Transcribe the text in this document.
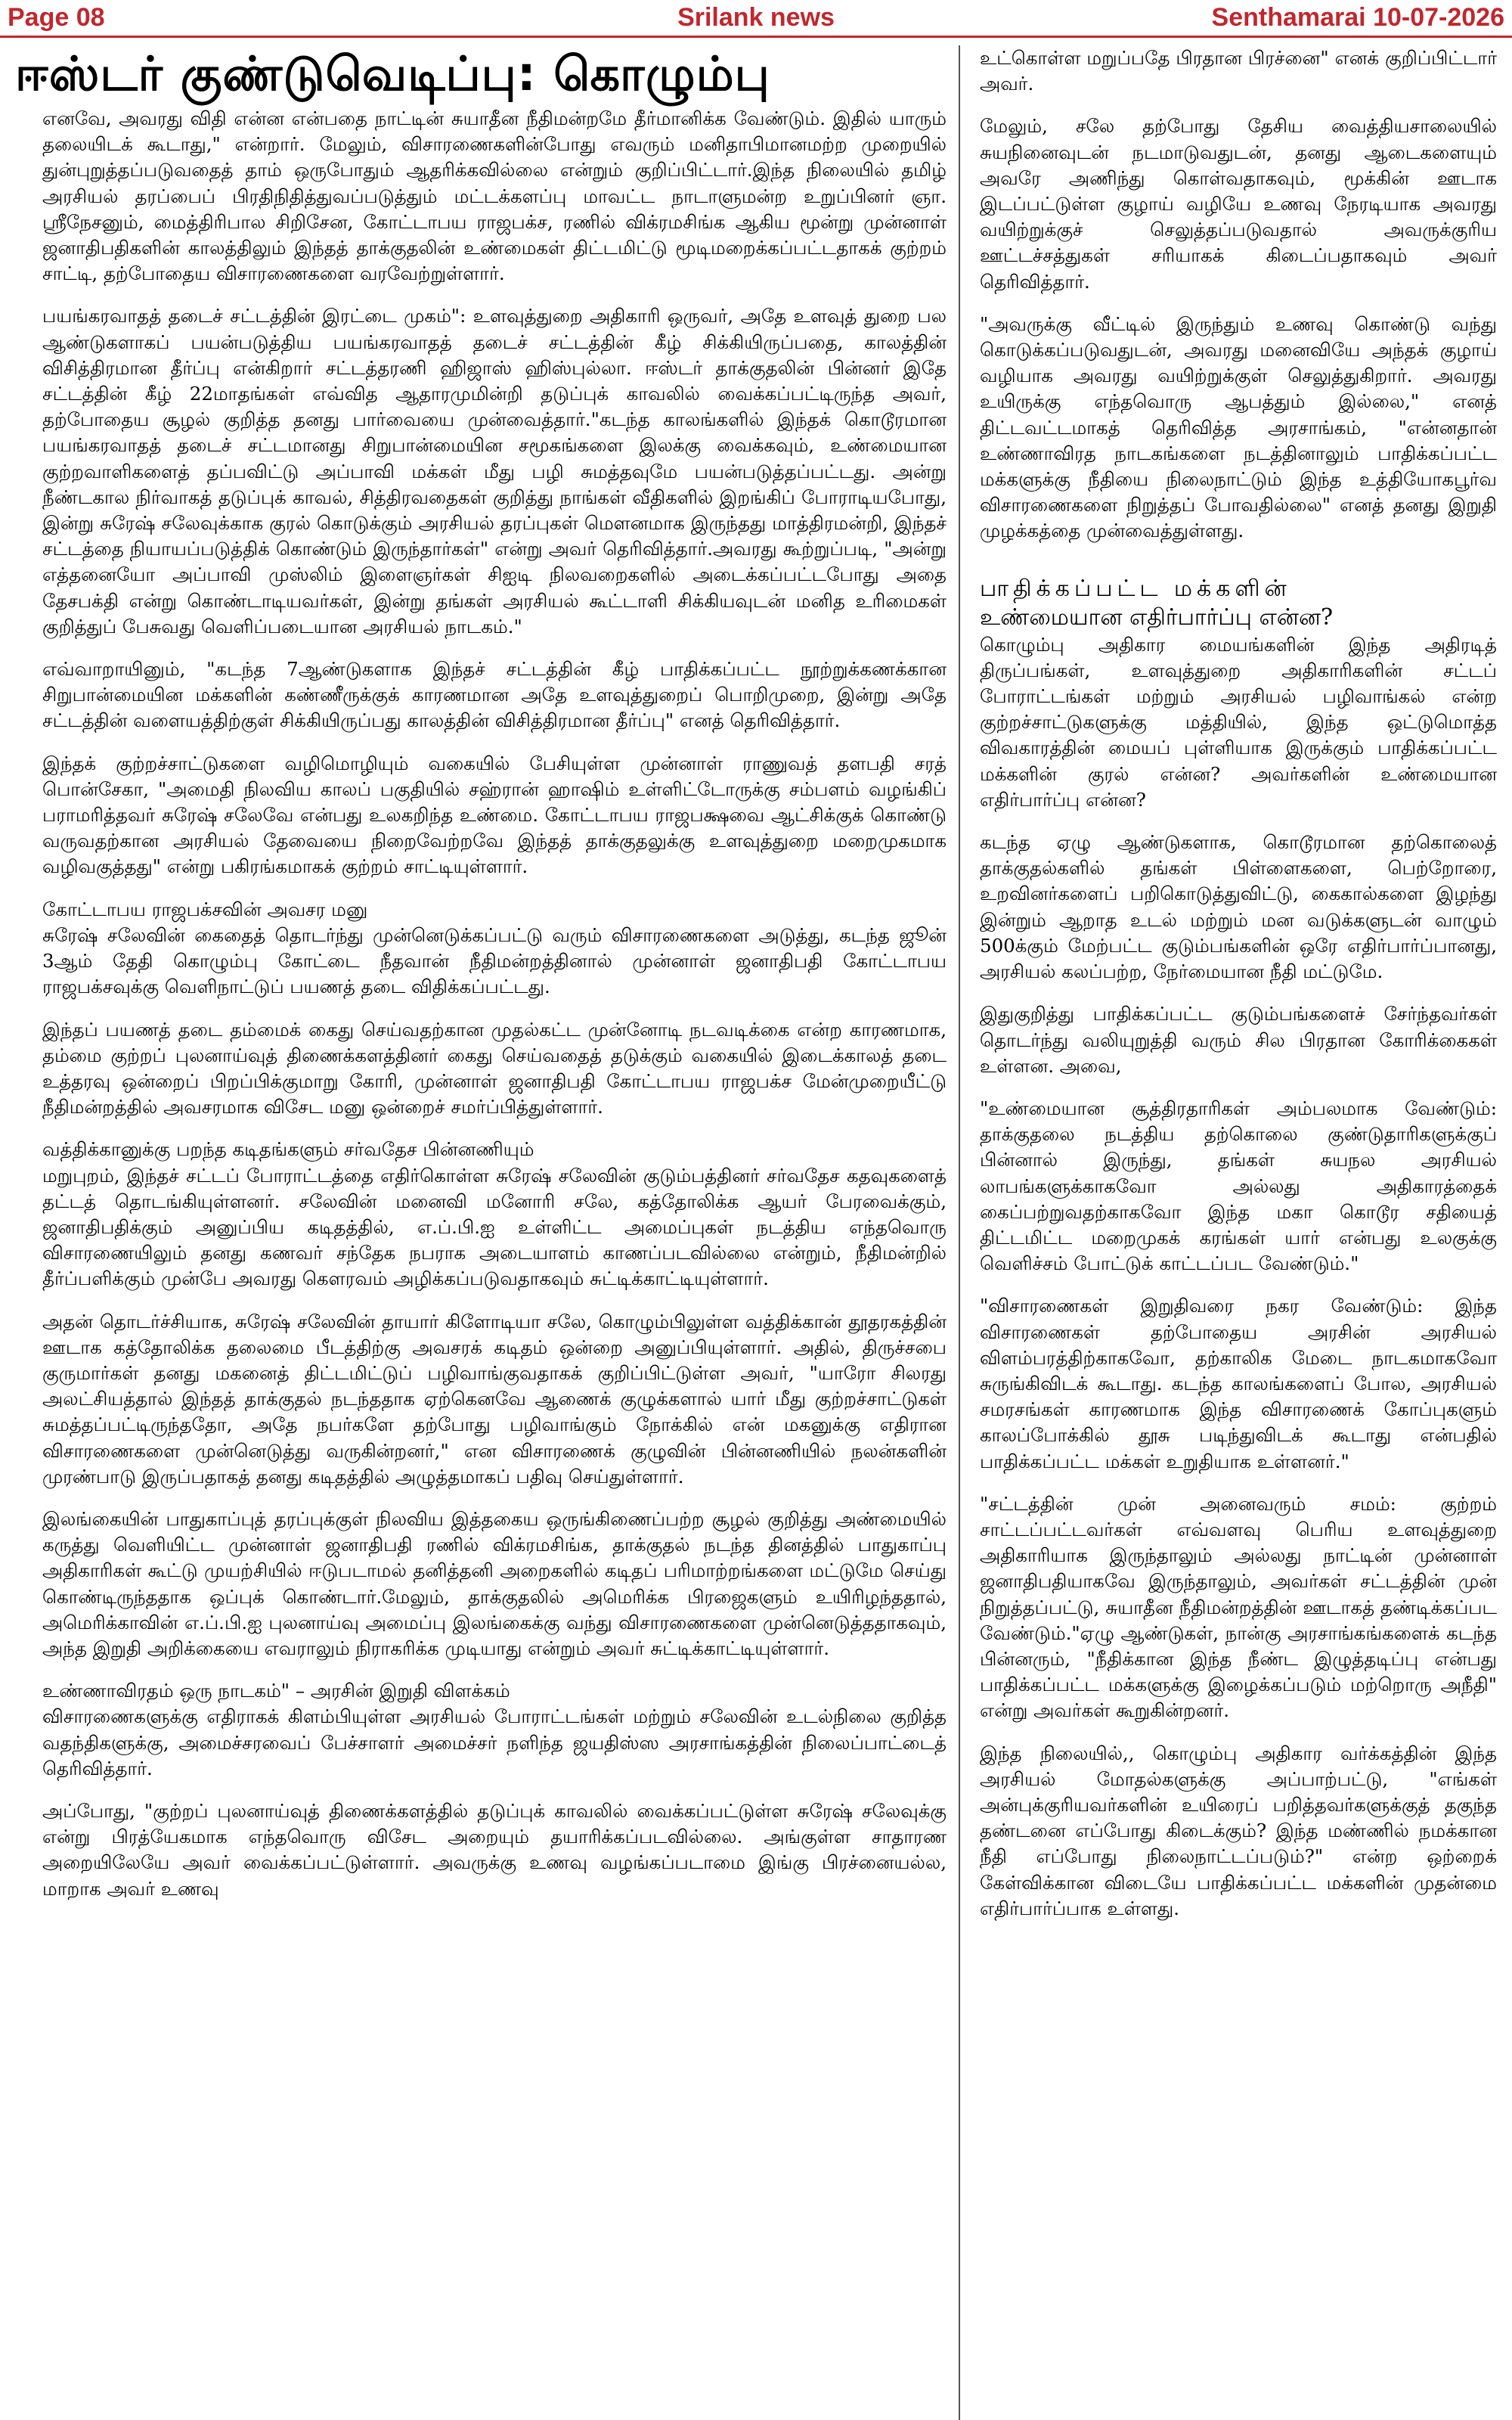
Page 08	Srilank news	Senthamarai 10-07-2026
ஈஸ்டர் குண்டுவெடிப்பு: கொழும்பு

எனவே, அவரது விதி என்ன என்பதை நாட்டின் சுயாதீன நீதிமன்றமே தீர்மானிக்க வேண்டும். இதில் யாரும் தலையிடக் கூடாது," என்றார். மேலும், விசாரணைகளின்போது எவரும் மனிதாபிமானமற்ற முறையில் துன்புறுத்தப்படுவதைத் தாம் ஒருபோதும் ஆதரிக்கவில்லை என்றும் குறிப்பிட்டார்.இந்த நிலையில் தமிழ் அரசியல் தரப்பைப் பிரதிநிதித்துவப்படுத்தும் மட்டக்களப்பு மாவட்ட நாடாளுமன்ற உறுப்பினர் ஞா. ஸ்ரீநேசனும், மைத்திரிபால சிறிசேன, கோட்டாபய ராஜபக்ச, ரணில் விக்ரமசிங்க ஆகிய மூன்று முன்னாள் ஜனாதிபதிகளின் காலத்திலும் இந்தத் தாக்குதலின் உண்மைகள் திட்டமிட்டு மூடிமறைக்கப்பட்டதாகக் குற்றம் சாட்டி, தற்போதைய விசாரணைகளை வரவேற்றுள்ளார்.

பயங்கரவாதத் தடைச் சட்டத்தின் இரட்டை முகம்": உளவுத்துறை அதிகாரி ஒருவர், அதே உளவுத் துறை பல ஆண்டுகளாகப் பயன்படுத்திய பயங்கரவாதத் தடைச் சட்டத்தின் கீழ் சிக்கியிருப்பதை, காலத்தின் விசித்திரமான தீர்ப்பு என்கிறார் சட்டத்தரணி ஹிஜாஸ் ஹிஸ்புல்லா. ஈஸ்டர் தாக்குதலின் பின்னர் இதே சட்டத்தின் கீழ் 22மாதங்கள் எவ்வித ஆதாரமுமின்றி தடுப்புக் காவலில் வைக்கப்பட்டிருந்த அவர், தற்போதைய சூழல் குறித்த தனது பார்வையை முன்வைத்தார்."கடந்த காலங்களில் இந்தக் கொடூரமான பயங்கரவாதத் தடைச் சட்டமானது சிறுபான்மையின சமூகங்களை இலக்கு வைக்கவும், உண்மையான குற்றவாளிகளைத் தப்பவிட்டு அப்பாவி மக்கள் மீது பழி சுமத்தவுமே பயன்படுத்தப்பட்டது. அன்று நீண்டகால நிர்வாகத் தடுப்புக் காவல், சித்திரவதைகள் குறித்து நாங்கள் வீதிகளில் இறங்கிப் போராடியபோது, இன்று சுரேஷ் சலேவுக்காக குரல் கொடுக்கும் அரசியல் தரப்புகள் மௌனமாக இருந்தது மாத்திரமன்றி, இந்தச் சட்டத்தை நியாயப்படுத்திக் கொண்டும் இருந்தார்கள்" என்று அவர் தெரிவித்தார்.அவரது கூற்றுப்படி, "அன்று எத்தனையோ அப்பாவி முஸ்லிம் இளைஞர்கள் சிஐடி நிலவறைகளில் அடைக்கப்பட்டபோது அதை தேசபக்தி என்று கொண்டாடியவர்கள், இன்று தங்கள் அரசியல் கூட்டாளி சிக்கியவுடன் மனித உரிமைகள் குறித்துப் பேசுவது வெளிப்படையான அரசியல் நாடகம்."

எவ்வாறாயினும், "கடந்த 7ஆண்டுகளாக இந்தச் சட்டத்தின் கீழ் பாதிக்கப்பட்ட நூற்றுக்கணக்கான சிறுபான்மையின மக்களின் கண்ணீருக்குக் காரணமான அதே உளவுத்துறைப் பொறிமுறை, இன்று அதே சட்டத்தின் வளையத்திற்குள் சிக்கியிருப்பது காலத்தின் விசித்திரமான தீர்ப்பு" எனத் தெரிவித்தார்.

இந்தக் குற்றச்சாட்டுகளை வழிமொழியும் வகையில் பேசியுள்ள முன்னாள் ராணுவத் தளபதி சரத் பொன்சேகா, "அமைதி நிலவிய காலப் பகுதியில் சஹ்ரான் ஹாஷிம் உள்ளிட்டோருக்கு சம்பளம் வழங்கிப் பராமரித்தவர் சுரேஷ் சலேவே என்பது உலகறிந்த உண்மை. கோட்டாபய ராஜபக்ஷவை ஆட்சிக்குக் கொண்டு வருவதற்கான அரசியல் தேவையை நிறைவேற்றவே இந்தத் தாக்குதலுக்கு உளவுத்துறை மறைமுகமாக வழிவகுத்தது" என்று பகிரங்கமாகக் குற்றம் சாட்டியுள்ளார்.

கோட்டாபய ராஜபக்சவின் அவசர மனு
சுரேஷ் சலேவின் கைதைத் தொடர்ந்து முன்னெடுக்கப்பட்டு வரும் விசாரணைகளை அடுத்து, கடந்த ஜூன் 3ஆம் தேதி கொழும்பு கோட்டை நீதவான் நீதிமன்றத்தினால் முன்னாள் ஜனாதிபதி கோட்டாபய ராஜபக்சவுக்கு வெளிநாட்டுப் பயணத் தடை விதிக்கப்பட்டது.

இந்தப் பயணத் தடை தம்மைக் கைது செய்வதற்கான முதல்கட்ட முன்னோடி நடவடிக்கை என்ற காரணமாக, தம்மை குற்றப் புலனாய்வுத் திணைக்களத்தினர் கைது செய்வதைத் தடுக்கும் வகையில் இடைக்காலத் தடை உத்தரவு ஒன்றைப் பிறப்பிக்குமாறு கோரி, முன்னாள் ஜனாதிபதி கோட்டாபய ராஜபக்ச மேன்முறையீட்டு நீதிமன்றத்தில் அவசரமாக விசேட மனு ஒன்றைச் சமர்ப்பித்துள்ளார்.

வத்திக்கானுக்கு பறந்த கடிதங்களும் சர்வதேச பின்னணியும்
மறுபுறம், இந்தச் சட்டப் போராட்டத்தை எதிர்கொள்ள சுரேஷ் சலேவின் குடும்பத்தினர் சர்வதேச கதவுகளைத் தட்டத் தொடங்கியுள்ளனர். சலேவின் மனைவி மனோரி சலே, கத்தோலிக்க ஆயர் பேரவைக்கும், ஜனாதிபதிக்கும் அனுப்பிய கடிதத்தில், எ.ப்.பி.ஐ உள்ளிட்ட அமைப்புகள் நடத்திய எந்தவொரு விசாரணையிலும் தனது கணவர் சந்தேக நபராக அடையாளம் காணப்படவில்லை என்றும், நீதிமன்றில் தீர்ப்பளிக்கும் முன்பே அவரது கௌரவம் அழிக்கப்படுவதாகவும் சுட்டிக்காட்டியுள்ளார்.

அதன் தொடர்ச்சியாக, சுரேஷ் சலேவின் தாயார் கிளோடியா சலே, கொழும்பிலுள்ள வத்திக்கான் தூதரகத்தின் ஊடாக கத்தோலிக்க தலைமை பீடத்திற்கு அவசரக் கடிதம் ஒன்றை அனுப்பியுள்ளார். அதில், திருச்சபை குருமார்கள் தனது மகனைத் திட்டமிட்டுப் பழிவாங்குவதாகக் குறிப்பிட்டுள்ள அவர், "யாரோ சிலரது அலட்சியத்தால் இந்தத் தாக்குதல் நடந்ததாக ஏற்கெனவே ஆணைக் குழுக்களால் யார் மீது குற்றச்சாட்டுகள் சுமத்தப்பட்டிருந்ததோ, அதே நபர்களே தற்போது பழிவாங்கும் நோக்கில் என் மகனுக்கு எதிரான விசாரணைகளை முன்னெடுத்து வருகின்றனர்," என விசாரணைக் குழுவின் பின்னணியில் நலன்களின் முரண்பாடு இருப்பதாகத் தனது கடிதத்தில் அழுத்தமாகப் பதிவு செய்துள்ளார்.

இலங்கையின் பாதுகாப்புத் தரப்புக்குள் நிலவிய இத்தகைய ஒருங்கிணைப்பற்ற சூழல் குறித்து அண்மையில் கருத்து வெளியிட்ட முன்னாள் ஜனாதிபதி ரணில் விக்ரமசிங்க, தாக்குதல் நடந்த தினத்தில் பாதுகாப்பு அதிகாரிகள் கூட்டு முயற்சியில் ஈடுபடாமல் தனித்தனி அறைகளில் கடிதப் பரிமாற்றங்களை மட்டுமே செய்து கொண்டிருந்ததாக ஒப்புக் கொண்டார்.மேலும், தாக்குதலில் அமெரிக்க பிரஜைகளும் உயிரிழந்ததால், அமெரிக்காவின் எ.ப்.பி.ஐ புலனாய்வு அமைப்பு இலங்கைக்கு வந்து விசாரணைகளை முன்னெடுத்ததாகவும், அந்த இறுதி அறிக்கையை எவராலும் நிராகரிக்க முடியாது என்றும் அவர் சுட்டிக்காட்டியுள்ளார்.

உண்ணாவிரதம் ஒரு நாடகம்" – அரசின் இறுதி விளக்கம்
விசாரணைகளுக்கு எதிராகக் கிளம்பியுள்ள அரசியல் போராட்டங்கள் மற்றும் சலேவின் உடல்நிலை குறித்த வதந்திகளுக்கு, அமைச்சரவைப் பேச்சாளர் அமைச்சர் நளிந்த ஜயதிஸ்ஸ அரசாங்கத்தின் நிலைப்பாட்டைத் தெரிவித்தார்.

அப்போது, "குற்றப் புலனாய்வுத் திணைக்களத்தில் தடுப்புக் காவலில் வைக்கப்பட்டுள்ள சுரேஷ் சலேவுக்கு என்று பிரத்யேகமாக எந்தவொரு விசேட அறையும் தயாரிக்கப்படவில்லை. அங்குள்ள சாதாரண அறையிலேயே அவர் வைக்கப்பட்டுள்ளார். அவருக்கு உணவு வழங்கப்படாமை இங்கு பிரச்னையல்ல, மாறாக அவர் உணவு

உட்கொள்ள மறுப்பதே பிரதான பிரச்னை" எனக் குறிப்பிட்டார் அவர்.

மேலும், சலே தற்போது தேசிய வைத்தியசாலையில் சுயநினைவுடன் நடமாடுவதுடன், தனது ஆடைகளையும் அவரே அணிந்து கொள்வதாகவும், மூக்கின் ஊடாக இடப்பட்டுள்ள குழாய் வழியே உணவு நேரடியாக அவரது வயிற்றுக்குச் செலுத்தப்படுவதால் அவருக்குரிய ஊட்டச்சத்துகள் சரியாகக் கிடைப்பதாகவும் அவர் தெரிவித்தார்.

"அவருக்கு வீட்டில் இருந்தும் உணவு கொண்டு வந்து கொடுக்கப்படுவதுடன், அவரது மனைவியே அந்தக் குழாய் வழியாக அவரது வயிற்றுக்குள் செலுத்துகிறார். அவரது உயிருக்கு எந்தவொரு ஆபத்தும் இல்லை," எனத் திட்டவட்டமாகத் தெரிவித்த அரசாங்கம், "என்னதான் உண்ணாவிரத நாடகங்களை நடத்தினாலும் பாதிக்கப்பட்ட மக்களுக்கு நீதியை நிலைநாட்டும் இந்த உத்தியோகபூர்வ விசாரணைகளை நிறுத்தப் போவதில்லை" எனத் தனது இறுதி முழக்கத்தை முன்வைத்துள்ளது.

பாதிக்கப்பட்ட மக்களின்
உண்மையான எதிர்பார்ப்பு என்ன?

கொழும்பு அதிகார மையங்களின் இந்த அதிரடித் திருப்பங்கள், உளவுத்துறை அதிகாரிகளின் சட்டப் போராட்டங்கள் மற்றும் அரசியல் பழிவாங்கல் என்ற குற்றச்சாட்டுகளுக்கு மத்தியில், இந்த ஒட்டுமொத்த விவகாரத்தின் மையப் புள்ளியாக இருக்கும் பாதிக்கப்பட்ட மக்களின் குரல் என்ன? அவர்களின் உண்மையான எதிர்பார்ப்பு என்ன?

கடந்த ஏழு ஆண்டுகளாக, கொடூரமான தற்கொலைத் தாக்குதல்களில் தங்கள் பிள்ளைகளை, பெற்றோரை, உறவினர்களைப் பறிகொடுத்துவிட்டு, கைகால்களை இழந்து இன்றும் ஆறாத உடல் மற்றும் மன வடுக்களுடன் வாழும் 500க்கும் மேற்பட்ட குடும்பங்களின் ஒரே எதிர்பார்ப்பானது, அரசியல் கலப்பற்ற, நேர்மையான நீதி மட்டுமே.

இதுகுறித்து பாதிக்கப்பட்ட குடும்பங்களைச் சேர்ந்தவர்கள் தொடர்ந்து வலியுறுத்தி வரும் சில பிரதான கோரிக்கைகள் உள்ளன. அவை,

"உண்மையான சூத்திரதாரிகள் அம்பலமாக வேண்டும்: தாக்குதலை நடத்திய தற்கொலை குண்டுதாரிகளுக்குப் பின்னால் இருந்து, தங்கள் சுயநல அரசியல் லாபங்களுக்காகவோ அல்லது அதிகாரத்தைக் கைப்பற்றுவதற்காகவோ இந்த மகா கொடூர சதியைத் திட்டமிட்ட மறைமுகக் கரங்கள் யார் என்பது உலகுக்கு வெளிச்சம் போட்டுக் காட்டப்பட வேண்டும்."

"விசாரணைகள் இறுதிவரை நகர வேண்டும்: இந்த விசாரணைகள் தற்போதைய அரசின் அரசியல் விளம்பரத்திற்காகவோ, தற்காலிக மேடை நாடகமாகவோ சுருங்கிவிடக் கூடாது. கடந்த காலங்களைப் போல, அரசியல் சமரசங்கள் காரணமாக இந்த விசாரணைக் கோப்புகளும் காலப்போக்கில் தூசு படிந்துவிடக் கூடாது என்பதில் பாதிக்கப்பட்ட மக்கள் உறுதியாக உள்ளனர்."

"சட்டத்தின் முன் அனைவரும் சமம்: குற்றம் சாட்டப்பட்டவர்கள் எவ்வளவு பெரிய உளவுத்துறை அதிகாரியாக இருந்தாலும் அல்லது நாட்டின் முன்னாள் ஜனாதிபதியாகவே இருந்தாலும், அவர்கள் சட்டத்தின் முன் நிறுத்தப்பட்டு, சுயாதீன நீதிமன்றத்தின் ஊடாகத் தண்டிக்கப்பட வேண்டும்."ஏழு ஆண்டுகள், நான்கு அரசாங்கங்களைக் கடந்த பின்னரும், "நீதிக்கான இந்த நீண்ட இழுத்தடிப்பு என்பது பாதிக்கப்பட்ட மக்களுக்கு இழைக்கப்படும் மற்றொரு அநீதி" என்று அவர்கள் கூறுகின்றனர்.

இந்த நிலையில்,, கொழும்பு அதிகார வர்க்கத்தின் இந்த அரசியல் மோதல்களுக்கு அப்பாற்பட்டு, "எங்கள் அன்புக்குரியவர்களின் உயிரைப் பறித்தவர்களுக்குத் தகுந்த தண்டனை எப்போது கிடைக்கும்? இந்த மண்ணில் நமக்கான நீதி எப்போது நிலைநாட்டப்படும்?" என்ற ஒற்றைக் கேள்விக்கான விடையே பாதிக்கப்பட்ட மக்களின் முதன்மை எதிர்பார்ப்பாக உள்ளது.
